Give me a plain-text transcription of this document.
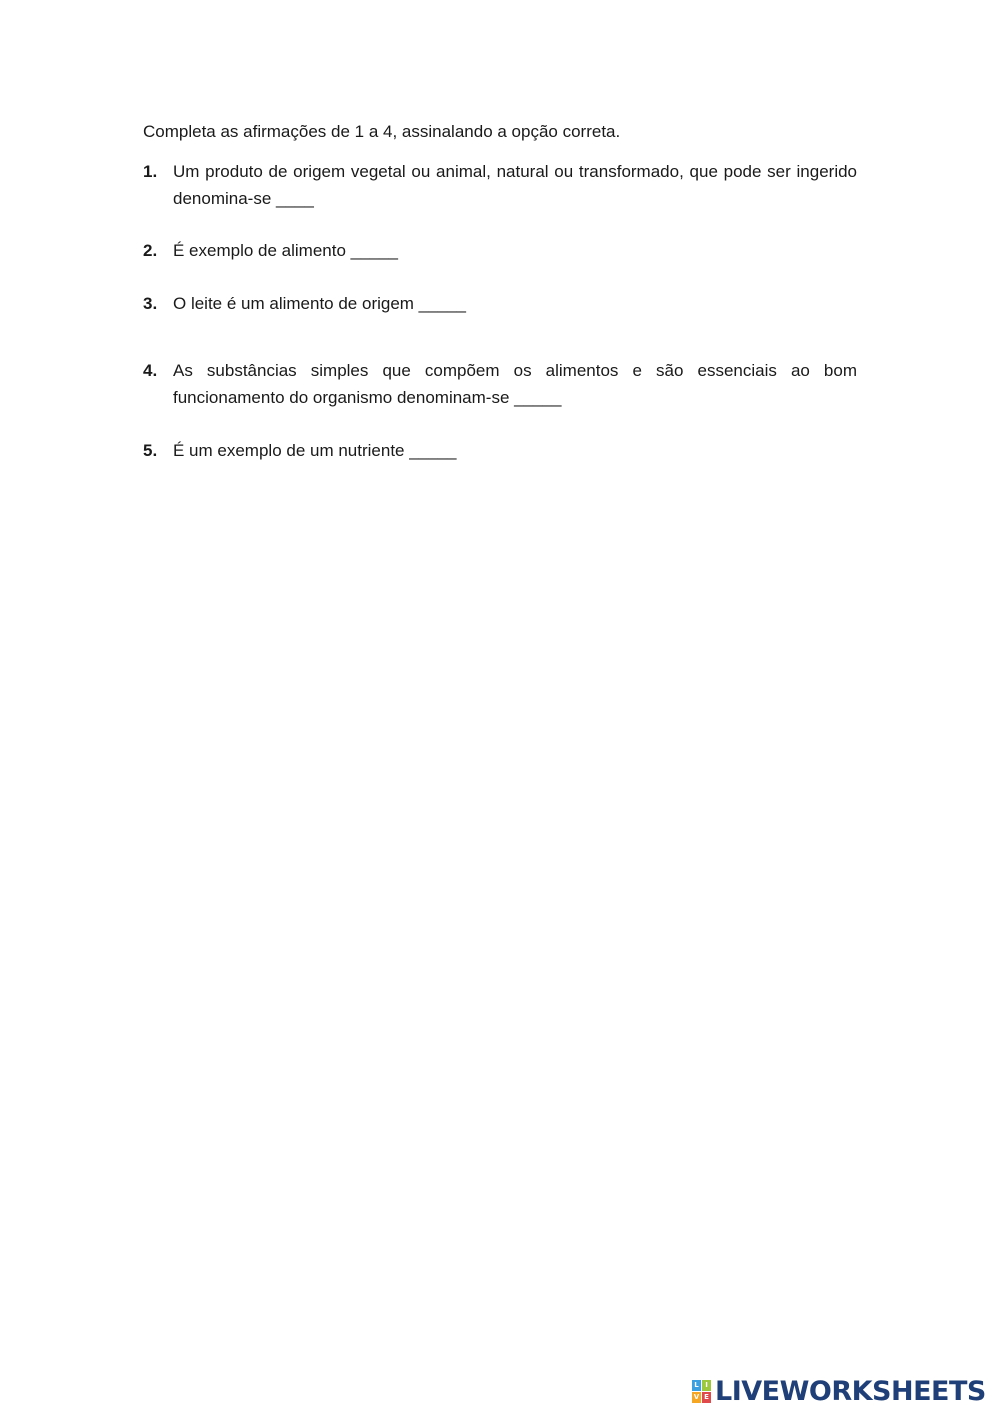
Completa as afirmações de 1 a 4, assinalando a opção correta.
1. Um produto de origem vegetal ou animal, natural ou transformado, que pode ser ingerido denomina-se ____
2. É exemplo de alimento _____
3. O leite é um alimento de origem _____
4. As substâncias simples que compõem os alimentos e são essenciais ao bom funcionamento do organismo denominam-se _____
5. É um exemplo de um nutriente _____
L I
V E LIVEWORKSHEETS
